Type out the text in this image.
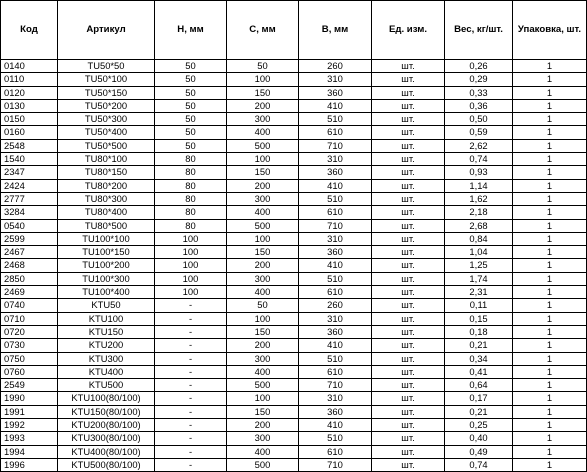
Код	Артикул	H, мм	C, мм	B, мм	Ед. изм.	Вес, кг/шт.	Упаковка, шт.
0140	TU50*50	50	50	260	шт.	0,26	1
0110	TU50*100	50	100	310	шт.	0,29	1
0120	TU50*150	50	150	360	шт.	0,33	1
0130	TU50*200	50	200	410	шт.	0,36	1
0150	TU50*300	50	300	510	шт.	0,50	1
0160	TU50*400	50	400	610	шт.	0,59	1
2548	TU50*500	50	500	710	шт.	2,62	1
1540	TU80*100	80	100	310	шт.	0,74	1
2347	TU80*150	80	150	360	шт.	0,93	1
2424	TU80*200	80	200	410	шт.	1,14	1
2777	TU80*300	80	300	510	шт.	1,62	1
3284	TU80*400	80	400	610	шт.	2,18	1
0540	TU80*500	80	500	710	шт.	2,68	1
2599	TU100*100	100	100	310	шт.	0,84	1
2467	TU100*150	100	150	360	шт.	1,04	1
2468	TU100*200	100	200	410	шт.	1,25	1
2850	TU100*300	100	300	510	шт.	1,74	1
2469	TU100*400	100	400	610	шт.	2,31	1
0740	KTU50	-	50	260	шт.	0,11	1
0710	KTU100	-	100	310	шт.	0,15	1
0720	KTU150	-	150	360	шт.	0,18	1
0730	KTU200	-	200	410	шт.	0,21	1
0750	KTU300	-	300	510	шт.	0,34	1
0760	KTU400	-	400	610	шт.	0,41	1
2549	KTU500	-	500	710	шт.	0,64	1
1990	KTU100(80/100)	-	100	310	шт.	0,17	1
1991	KTU150(80/100)	-	150	360	шт.	0,21	1
1992	KTU200(80/100)	-	200	410	шт.	0,25	1
1993	KTU300(80/100)	-	300	510	шт.	0,40	1
1994	KTU400(80/100)	-	400	610	шт.	0,49	1
1996	KTU500(80/100)	-	500	710	шт.	0,74	1
